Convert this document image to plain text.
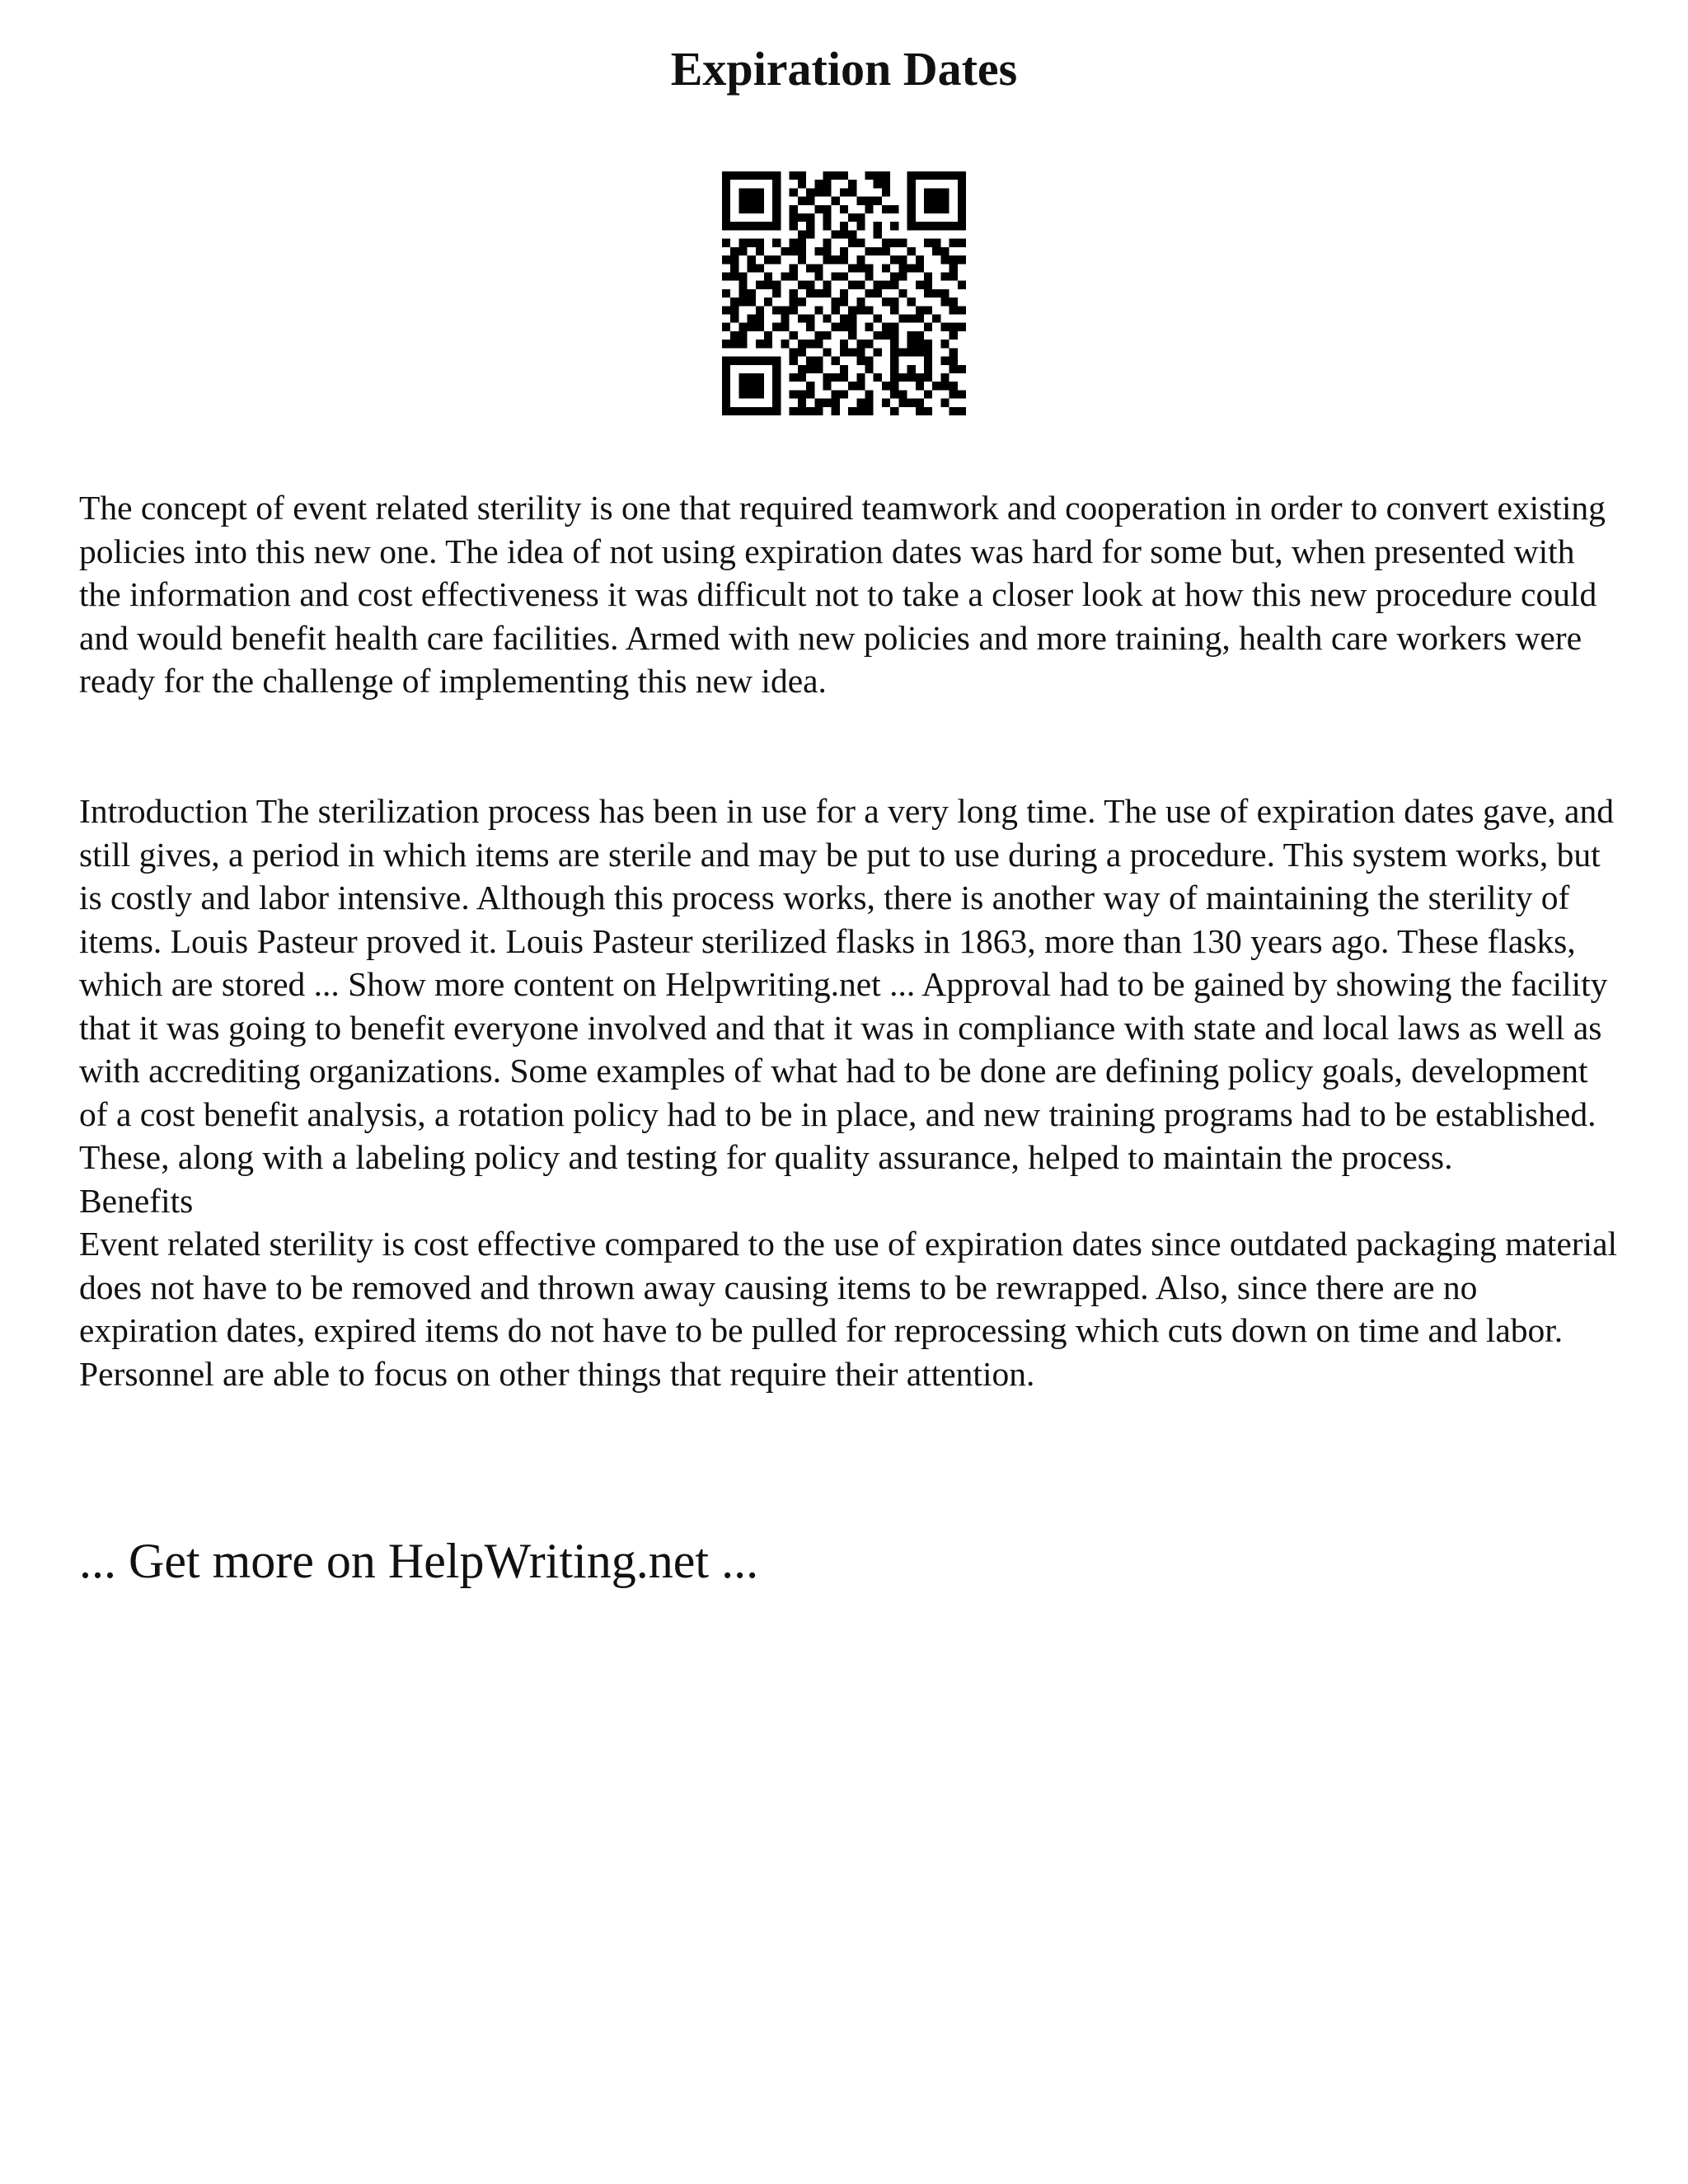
Expiration Dates

The concept of event related sterility is one that required teamwork and cooperation in order to convert existing policies into this new one. The idea of not using expiration dates was hard for some but, when presented with the information and cost effectiveness it was difficult not to take a closer look at how this new procedure could and would benefit health care facilities. Armed with new policies and more training, health care workers were ready for the challenge of implementing this new idea.

Introduction The sterilization process has been in use for a very long time. The use of expiration dates gave, and still gives, a period in which items are sterile and may be put to use during a procedure. This system works, but is costly and labor intensive. Although this process works, there is another way of maintaining the sterility of items. Louis Pasteur proved it. Louis Pasteur sterilized flasks in 1863, more than 130 years ago. These flasks, which are stored ... Show more content on Helpwriting.net ... Approval had to be gained by showing the facility that it was going to benefit everyone involved and that it was in compliance with state and local laws as well as with accrediting organizations. Some examples of what had to be done are defining policy goals, development of a cost benefit analysis, a rotation policy had to be in place, and new training programs had to be established. These, along with a labeling policy and testing for quality assurance, helped to maintain the process.
Benefits
Event related sterility is cost effective compared to the use of expiration dates since outdated packaging material does not have to be removed and thrown away causing items to be rewrapped. Also, since there are no expiration dates, expired items do not have to be pulled for reprocessing which cuts down on time and labor. Personnel are able to focus on other things that require their attention.
... Get more on HelpWriting.net ...
